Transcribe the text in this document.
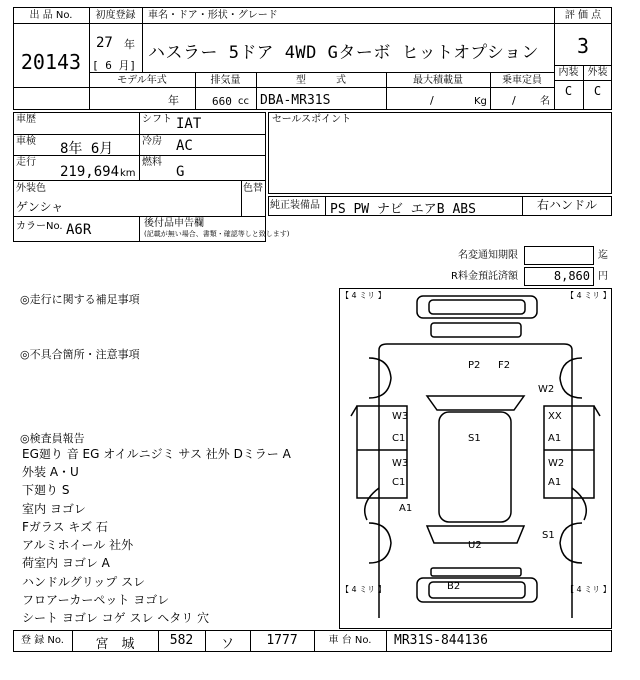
出 品 No.
20143
初度登録
27 年
[ 6 月]
車名・ドア・形状・グレード
ハスラー 5ドア 4WD Gターボ ヒットオプション
評 価 点
3
内装 外装
C	C
モデル年式
年
排気量
660 cc
型　　　式
DBA-MR31S
最大積載量
/	Kg
乗車定員
/ 名
車歴	シフト IAT
車検 8年 6月	冷房 AC
走行
219,694 km
燃料
G
外装色
ゲンシャ
色替
セールスポイント
純正装備品 PS PW ナビ エアB ABS	右ハンドル
カラーNo. A6R	後付品申告欄
(記載が無い場合、書類・確認等しと致します)
名変通知期限	迄
R料金預託済額	8,860 円
◎走行に関する補足事項
◎不具合箇所・注意事項
◎検査員報告
EG廻り 音 EG オイルニジミ サス 社外 Dミラー A
外装 A・U
下廻り S
室内 ヨゴレ
Fガラス キズ 石
アルミホイール 社外
荷室内 ヨゴレ A
ハンドルグリップ スレ
フロアーカーペット ヨゴレ
シート ヨゴレ コゲ スレ ヘタリ 穴
【 4 ミリ 】	【 4 ミリ 】
【 4 ミリ 】	【 4 ミリ 】
P2 F2
W2
W3
C1
XX
A1
S1
W3
C1
W2
A1
A1
U2
S1
B2
登 録 No.	宮　城	582	ソ	1777	車 台 No.	MR31S-844136
